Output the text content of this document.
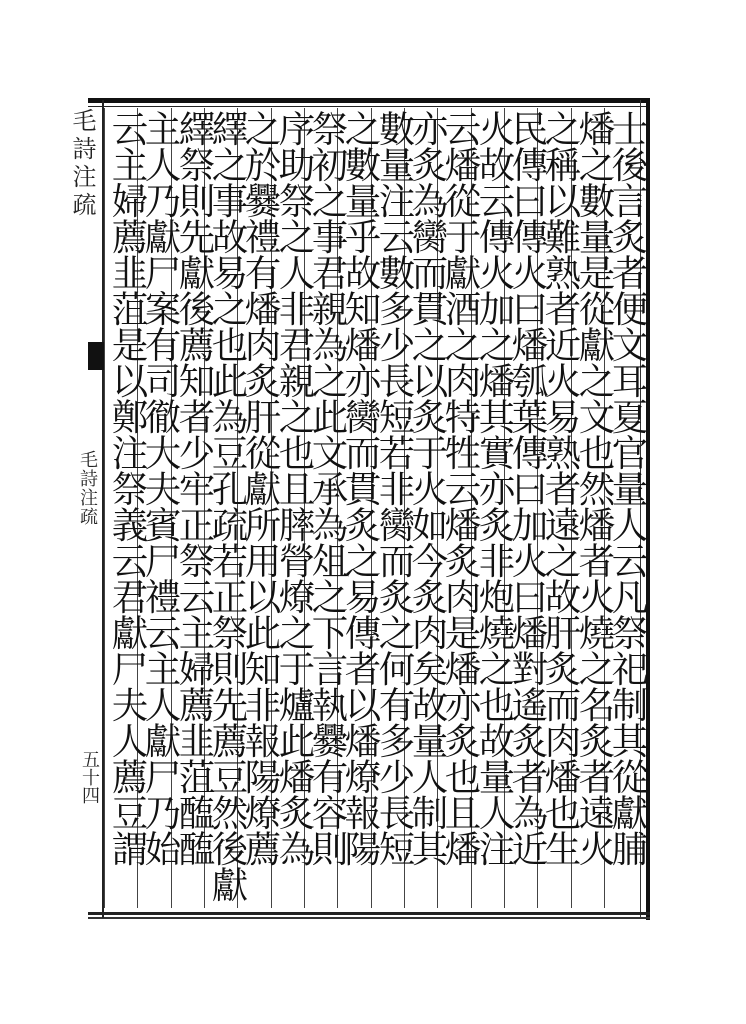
毛詩注疏
毛詩注疏
五十四	士後言炙者便文耳夏官量人云凡祭祀制其從獻脯
燔之數量是從獻之文也然燔者火燒之名炙者遠火
之稱以難熟者近火易熟者遠之故肝炙而肉燔也生
民傳曰傳火曰燔瓠葉傳曰加火曰燔對遙炙者為近
火故云傳火加之燔其實亦炙非炮燒之也故量人注
云燔從于獻酒之肉特牲云燔炙肉是燔亦炙也且燔
亦炙為臠而貫之以炙于火如今炙肉矣故量人制其
數量注云數多少長短若非臠而炙之何有多少長短
之數量乎故知燔亦臠而貫炙之易傳者以燔燎報陽
祭初之事君親為之此文承為俎之下言執爨有容則
序助祭之人非君親之也且膟膋燎之于爐此燔炙為
之於爨禮有燔肉炙肝從獻所用以此知非報陽燎薦
繹之事故易之也此為豆孔疏若正祭則先薦豆然後獻
繹祭則先獻後薦知者少牢正祭云主婦薦韭菹醢醢
主人乃獻尸案有司徹大夫賓尸禮云主人獻尸乃始
云主婦薦韭菹是以鄭注祭義云君獻尸夫人薦豆謂
